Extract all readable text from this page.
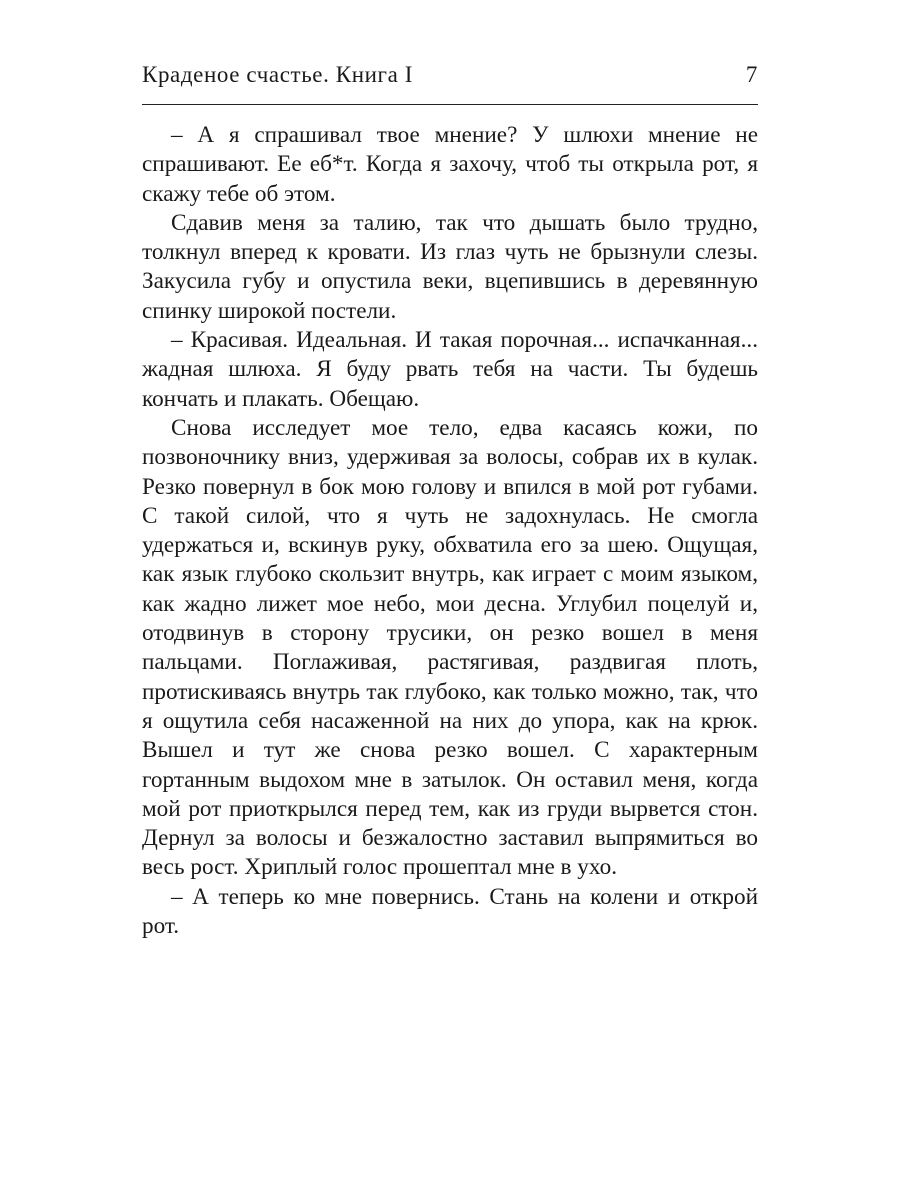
Краденое счастье. Книга I	7

– А я спрашивал твое мнение? У шлюхи мнение не спрашивают. Ее еб*т. Когда я захочу, чтоб ты открыла рот, я скажу тебе об этом.

Сдавив меня за талию, так что дышать было трудно, толкнул вперед к кровати. Из глаз чуть не брызнули слезы. Закусила губу и опустила веки, вцепившись в деревянную спинку широкой постели.

– Красивая. Идеальная. И такая порочная... испачканная... жадная шлюха. Я буду рвать тебя на части. Ты будешь кончать и плакать. Обещаю.

Снова исследует мое тело, едва касаясь кожи, по позвоночнику вниз, удерживая за волосы, собрав их в кулак. Резко повернул в бок мою голову и впился в мой рот губами. С такой силой, что я чуть не задохнулась. Не смогла удержаться и, вскинув руку, обхватила его за шею. Ощущая, как язык глубоко скользит внутрь, как играет с моим языком, как жадно лижет мое небо, мои десна. Углубил поцелуй и, отодвинув в сторону трусики, он резко вошел в меня пальцами. Поглаживая, растягивая, раздвигая плоть, протискиваясь внутрь так глубоко, как только можно, так, что я ощутила себя насаженной на них до упора, как на крюк. Вышел и тут же снова резко вошел. С характерным гортанным выдохом мне в затылок. Он оставил меня, когда мой рот приоткрылся перед тем, как из груди вырвется стон. Дернул за волосы и безжалостно заставил выпрямиться во весь рост. Хриплый голос прошептал мне в ухо.

– А теперь ко мне повернись. Стань на колени и открой рот.
